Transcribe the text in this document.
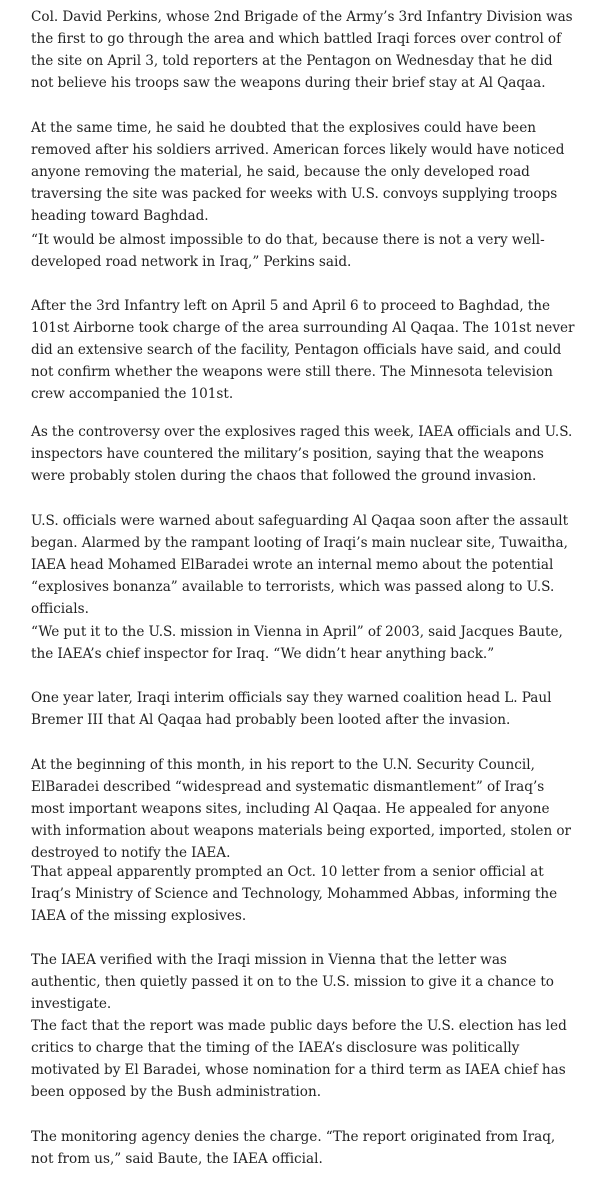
Col. David Perkins, whose 2nd Brigade of the Army’s 3rd Infantry Division was the first to go through the area and which battled Iraqi forces over control of the site on April 3, told reporters at the Pentagon on Wednesday that he did not believe his troops saw the weapons during their brief stay at Al Qaqaa.

At the same time, he said he doubted that the explosives could have been removed after his soldiers arrived. American forces likely would have noticed anyone removing the material, he said, because the only developed road traversing the site was packed for weeks with U.S. convoys supplying troops heading toward Baghdad.

“It would be almost impossible to do that, because there is not a very well-developed road network in Iraq,” Perkins said.

After the 3rd Infantry left on April 5 and April 6 to proceed to Baghdad, the 101st Airborne took charge of the area surrounding Al Qaqaa. The 101st never did an extensive search of the facility, Pentagon officials have said, and could not confirm whether the weapons were still there. The Minnesota television crew accompanied the 101st.

As the controversy over the explosives raged this week, IAEA officials and U.S. inspectors have countered the military’s position, saying that the weapons were probably stolen during the chaos that followed the ground invasion.

U.S. officials were warned about safeguarding Al Qaqaa soon after the assault began. Alarmed by the rampant looting of Iraqi’s main nuclear site, Tuwaitha, IAEA head Mohamed ElBaradei wrote an internal memo about the potential “explosives bonanza” available to terrorists, which was passed along to U.S. officials.

“We put it to the U.S. mission in Vienna in April” of 2003, said Jacques Baute, the IAEA’s chief inspector for Iraq. “We didn’t hear anything back.”

One year later, Iraqi interim officials say they warned coalition head L. Paul Bremer III that Al Qaqaa had probably been looted after the invasion.

At the beginning of this month, in his report to the U.N. Security Council, ElBaradei described “widespread and systematic dismantlement” of Iraq’s most important weapons sites, including Al Qaqaa. He appealed for anyone with information about weapons materials being exported, imported, stolen or destroyed to notify the IAEA.

That appeal apparently prompted an Oct. 10 letter from a senior official at Iraq’s Ministry of Science and Technology, Mohammed Abbas, informing the IAEA of the missing explosives.

The IAEA verified with the Iraqi mission in Vienna that the letter was authentic, then quietly passed it on to the U.S. mission to give it a chance to investigate.

The fact that the report was made public days before the U.S. election has led critics to charge that the timing of the IAEA’s disclosure was politically motivated by El Baradei, whose nomination for a third term as IAEA chief has been opposed by the Bush administration.

The monitoring agency denies the charge. “The report originated from Iraq, not from us,” said Baute, the IAEA official.
